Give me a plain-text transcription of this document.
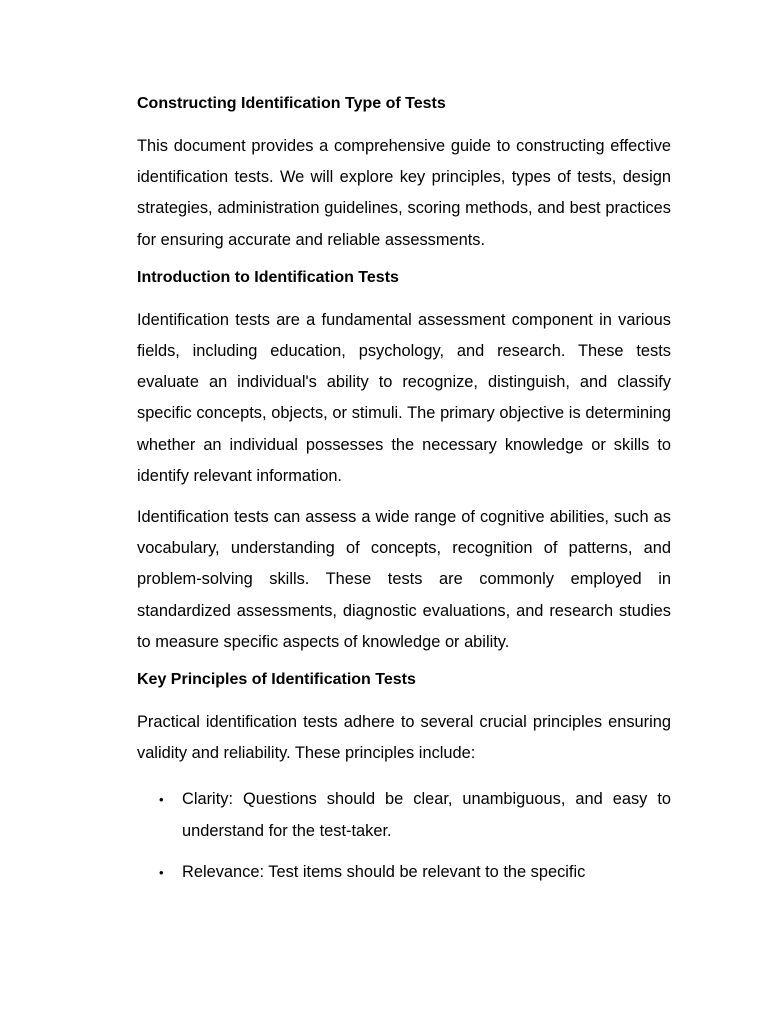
Constructing Identification Type of Tests

This document provides a comprehensive guide to constructing effective identification tests. We will explore key principles, types of tests, design strategies, administration guidelines, scoring methods, and best practices for ensuring accurate and reliable assessments.

Introduction to Identification Tests

Identification tests are a fundamental assessment component in various fields, including education, psychology, and research. These tests evaluate an individual's ability to recognize, distinguish, and classify specific concepts, objects, or stimuli. The primary objective is determining whether an individual possesses the necessary knowledge or skills to identify relevant information.

Identification tests can assess a wide range of cognitive abilities, such as vocabulary, understanding of concepts, recognition of patterns, and problem-solving skills. These tests are commonly employed in standardized assessments, diagnostic evaluations, and research studies to measure specific aspects of knowledge or ability.

Key Principles of Identification Tests

Practical identification tests adhere to several crucial principles ensuring validity and reliability. These principles include:

• Clarity: Questions should be clear, unambiguous, and easy to understand for the test-taker.
• Relevance: Test items should be relevant to the specific
